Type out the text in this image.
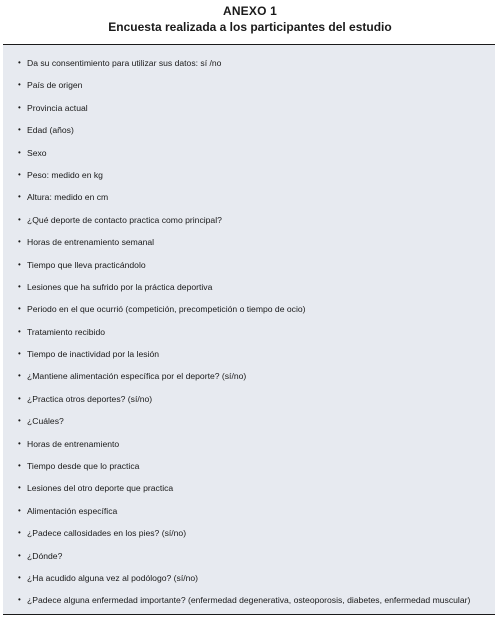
ANEXO 1
Encuesta realizada a los participantes del estudio
• Da su consentimiento para utilizar sus datos: sí /no
• País de origen
• Provincia actual
• Edad (años)
• Sexo
• Peso: medido en kg
• Altura: medido en cm
• ¿Qué deporte de contacto practica como principal?
• Horas de entrenamiento semanal
• Tiempo que lleva practicándolo
• Lesiones que ha sufrido por la práctica deportiva
• Periodo en el que ocurrió (competición, precompetición o tiempo de ocio)
• Tratamiento recibido
• Tiempo de inactividad por la lesión
• ¿Mantiene alimentación específica por el deporte? (sí/no)
• ¿Practica otros deportes? (sí/no)
• ¿Cuáles?
• Horas de entrenamiento
• Tiempo desde que lo practica
• Lesiones del otro deporte que practica
• Alimentación específica
• ¿Padece callosidades en los pies? (sí/no)
• ¿Dónde?
• ¿Ha acudido alguna vez al podólogo? (sí/no)
• ¿Padece alguna enfermedad importante? (enfermedad degenerativa, osteoporosis, diabetes, enfermedad muscular)
